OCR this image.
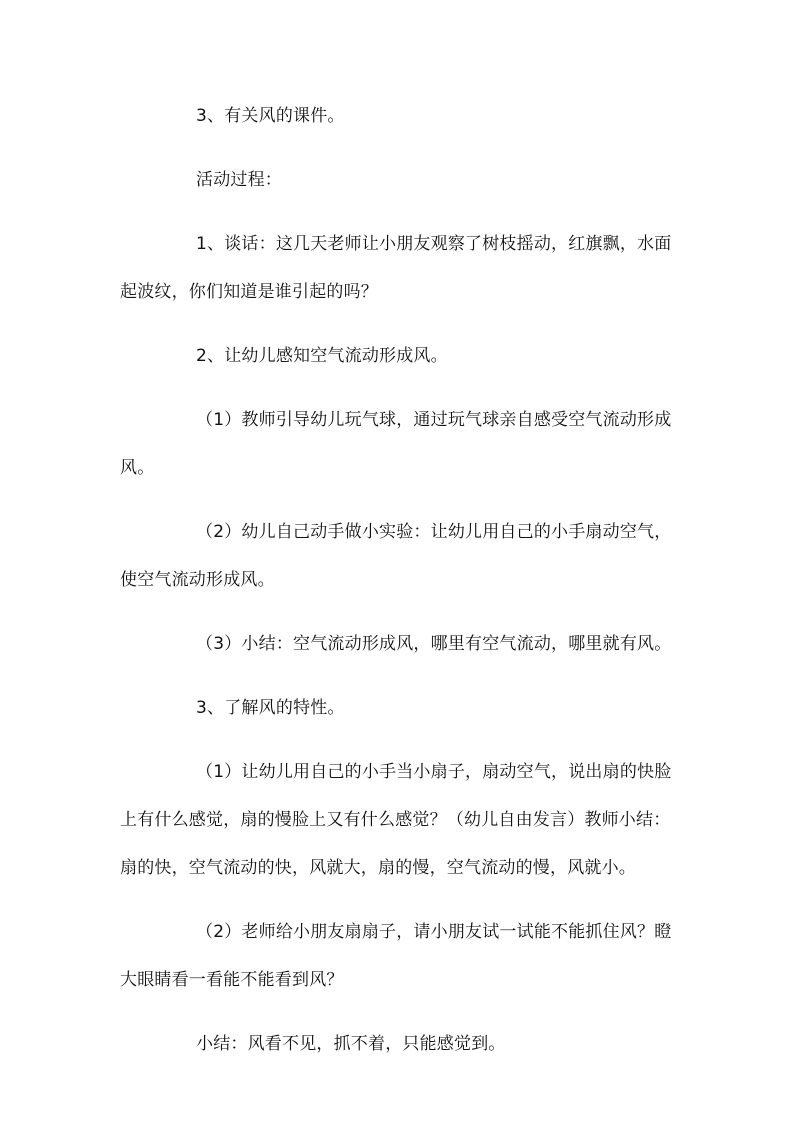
3、有关风的课件。

活动过程：

1、谈话：这几天老师让小朋友观察了树枝摇动，红旗飘，水面起波纹，你们知道是谁引起的吗？

2、让幼儿感知空气流动形成风。

（1）教师引导幼儿玩气球，通过玩气球亲自感受空气流动形成风。

（2）幼儿自己动手做小实验：让幼儿用自己的小手扇动空气，使空气流动形成风。

（3）小结：空气流动形成风，哪里有空气流动，哪里就有风。

3、了解风的特性。

（1）让幼儿用自己的小手当小扇子，扇动空气，说出扇的快脸上有什么感觉，扇的慢脸上又有什么感觉？（幼儿自由发言）教师小结：扇的快，空气流动的快，风就大，扇的慢，空气流动的慢，风就小。

（2）老师给小朋友扇扇子，请小朋友试一试能不能抓住风？瞪大眼睛看一看能不能看到风？

小结：风看不见，抓不着，只能感觉到。
